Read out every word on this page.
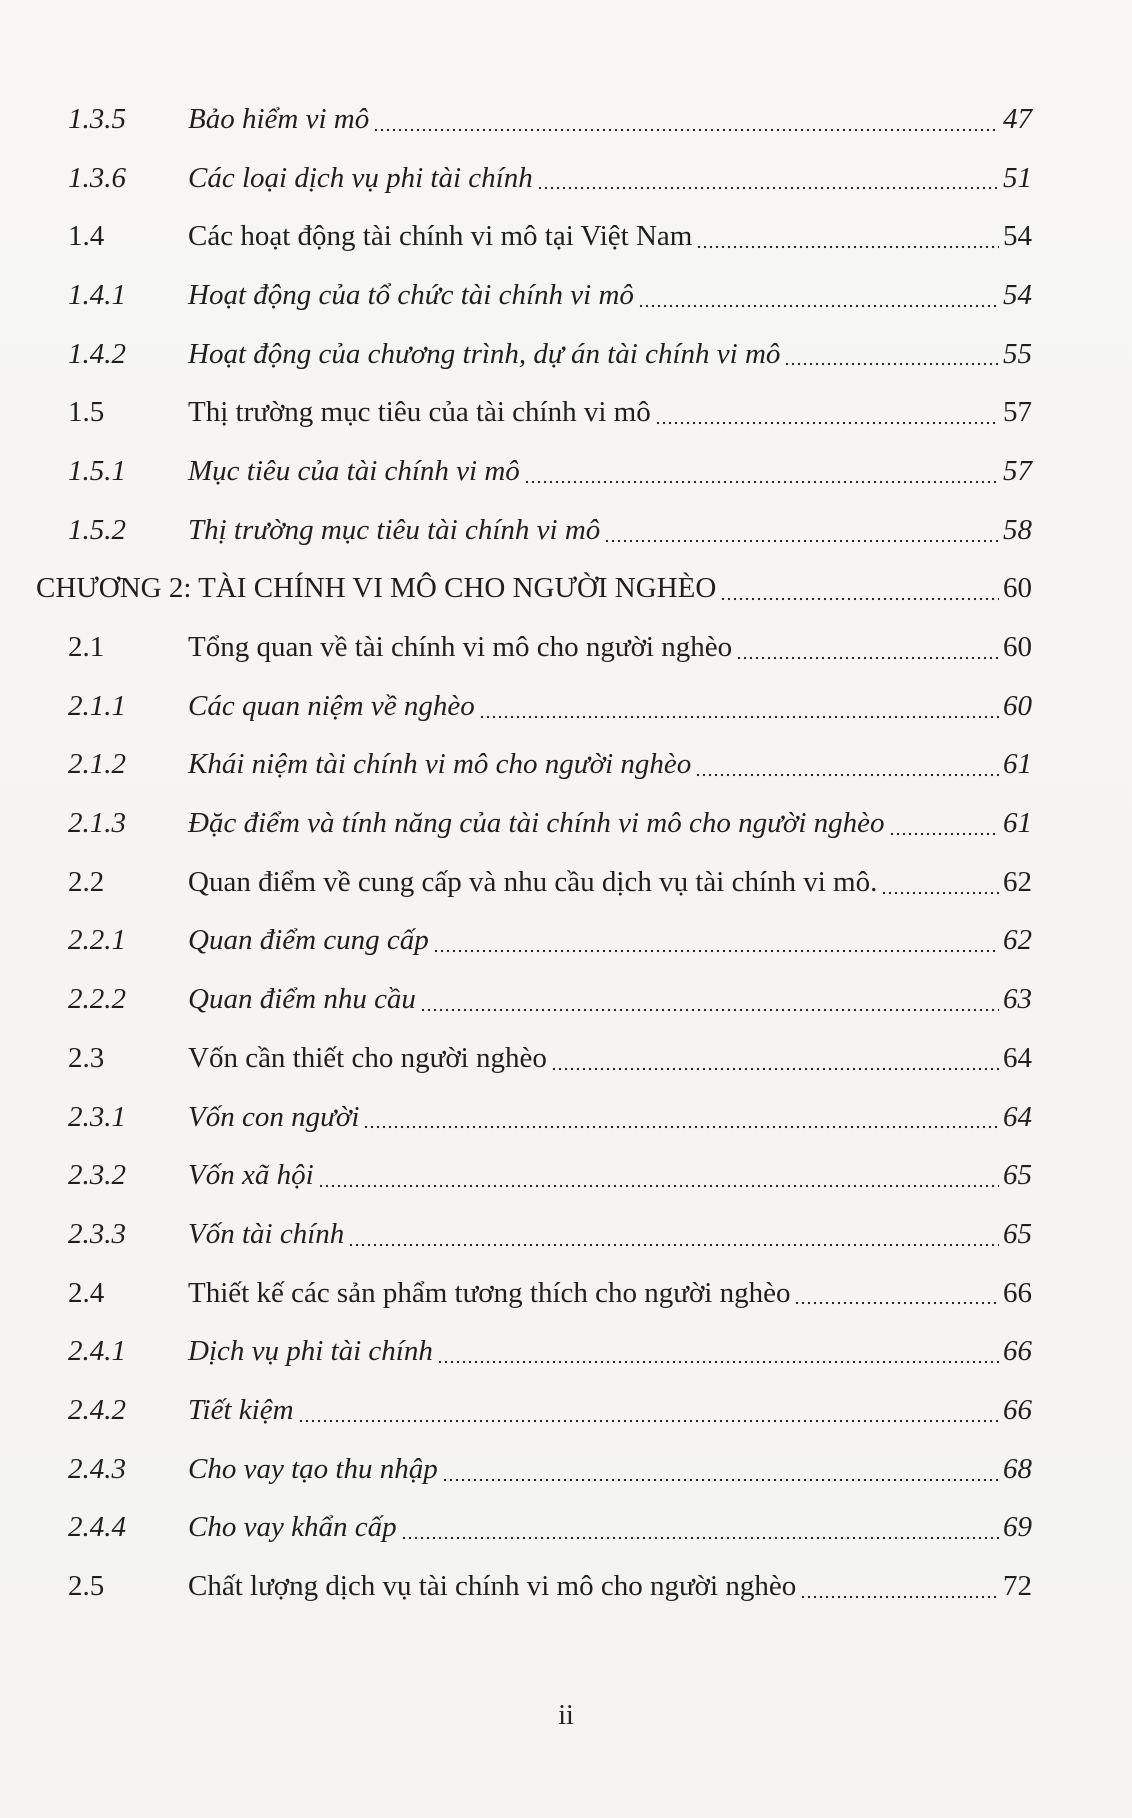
1.3.5	Bảo hiểm vi mô	47
1.3.6	Các loại dịch vụ phi tài chính	51
1.4	Các hoạt động tài chính vi mô tại Việt Nam	54
1.4.1	Hoạt động của tổ chức tài chính vi mô	54
1.4.2	Hoạt động của chương trình, dự án tài chính vi mô	55
1.5	Thị trường mục tiêu của tài chính vi mô	57
1.5.1	Mục tiêu của tài chính vi mô	57
1.5.2	Thị trường mục tiêu tài chính vi mô	58
CHƯƠNG 2: TÀI CHÍNH VI MÔ CHO NGƯỜI NGHÈO	60
2.1	Tổng quan về tài chính vi mô cho người nghèo	60
2.1.1	Các quan niệm về nghèo	60
2.1.2	Khái niệm tài chính vi mô cho người nghèo	61
2.1.3	Đặc điểm và tính năng của tài chính vi mô cho người nghèo	61
2.2	Quan điểm về cung cấp và nhu cầu dịch vụ tài chính vi mô.	62
2.2.1	Quan điểm cung cấp	62
2.2.2	Quan điểm nhu cầu	63
2.3	Vốn cần thiết cho người nghèo	64
2.3.1	Vốn con người	64
2.3.2	Vốn xã hội	65
2.3.3	Vốn tài chính	65
2.4	Thiết kế các sản phẩm tương thích cho người nghèo	66
2.4.1	Dịch vụ phi tài chính	66
2.4.2	Tiết kiệm	66
2.4.3	Cho vay tạo thu nhập	68
2.4.4	Cho vay khẩn cấp	69
2.5	Chất lượng dịch vụ tài chính vi mô cho người nghèo	72
ii
